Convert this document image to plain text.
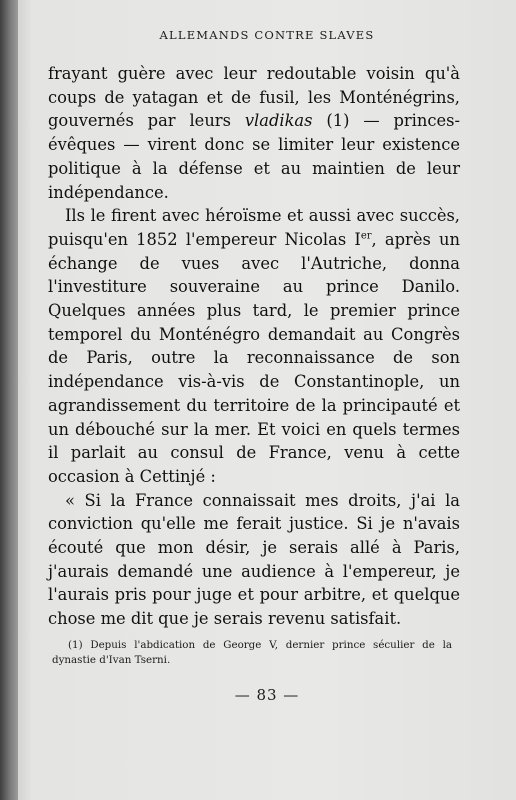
ALLEMANDS CONTRE SLAVES

frayant guère avec leur redoutable voisin qu'à coups de yatagan et de fusil, les Monténégrins, gouvernés par leurs vladikas (1) — princes-évêques — virent donc se limiter leur existence politique à la défense et au maintien de leur indépendance.

Ils le firent avec héroïsme et aussi avec succès, puisqu'en 1852 l'empereur Nicolas Ier, après un échange de vues avec l'Autriche, donna l'investiture souveraine au prince Danilo. Quelques années plus tard, le premier prince temporel du Monténégro demandait au Congrès de Paris, outre la reconnaissance de son indépendance vis-à-vis de Constantinople, un agrandissement du territoire de la principauté et un débouché sur la mer. Et voici en quels termes il parlait au consul de France, venu à cette occasion à Cettinjé :

« Si la France connaissait mes droits, j'ai la conviction qu'elle me ferait justice. Si je n'avais écouté que mon désir, je serais allé à Paris, j'aurais demandé une audience à l'empereur, je l'aurais pris pour juge et pour arbitre, et quelque chose me dit que je serais revenu satisfait.

(1) Depuis l'abdication de George V, dernier prince séculier de la dynastie d'Ivan Tserni.

— 83 —
